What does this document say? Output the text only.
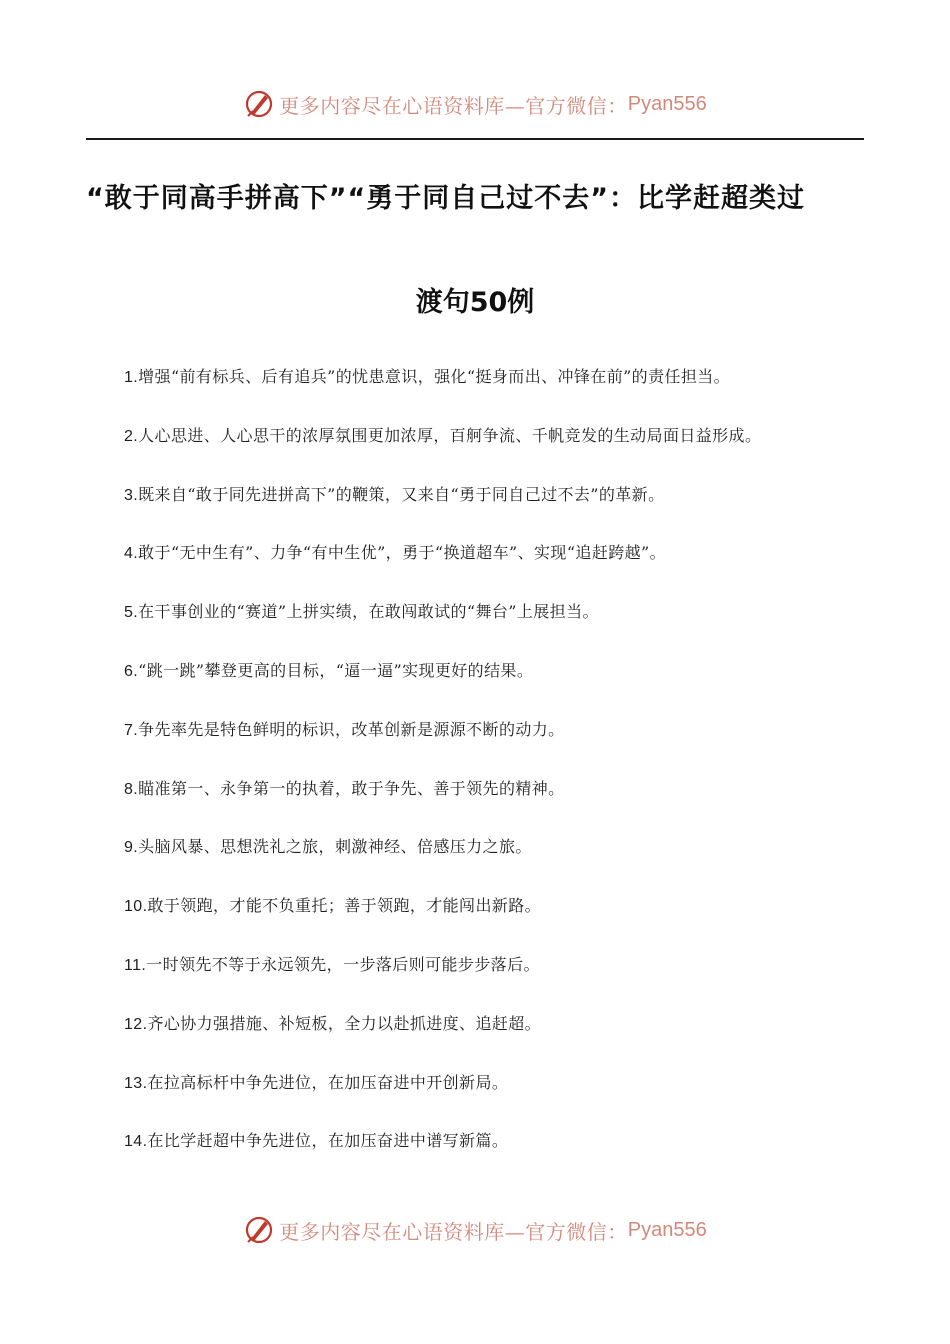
更多内容尽在心语资料库—官方微信： Pyan556
“敢于同高手拼高下”“勇于同自己过不去”：比学赶超类过
渡句50例
1.增强“前有标兵、后有追兵”的忧患意识，强化“挺身而出、冲锋在前”的责任担当。
2.人心思进、人心思干的浓厚氛围更加浓厚，百舸争流、千帆竞发的生动局面日益形成。
3.既来自“敢于同先进拼高下”的鞭策，又来自“勇于同自己过不去”的革新。
4.敢于“无中生有”、力争“有中生优”，勇于“换道超车”、实现“追赶跨越”。
5.在干事创业的“赛道”上拼实绩，在敢闯敢试的“舞台”上展担当。
6.“跳一跳”攀登更高的目标，“逼一逼”实现更好的结果。
7.争先率先是特色鲜明的标识，改革创新是源源不断的动力。
8.瞄准第一、永争第一的执着，敢于争先、善于领先的精神。
9.头脑风暴、思想洗礼之旅，刺激神经、倍感压力之旅。
10.敢于领跑，才能不负重托；善于领跑，才能闯出新路。
11.一时领先不等于永远领先，一步落后则可能步步落后。
12.齐心协力强措施、补短板，全力以赴抓进度、追赶超。
13.在拉高标杆中争先进位，在加压奋进中开创新局。
14.在比学赶超中争先进位，在加压奋进中谱写新篇。
更多内容尽在心语资料库—官方微信： Pyan556
